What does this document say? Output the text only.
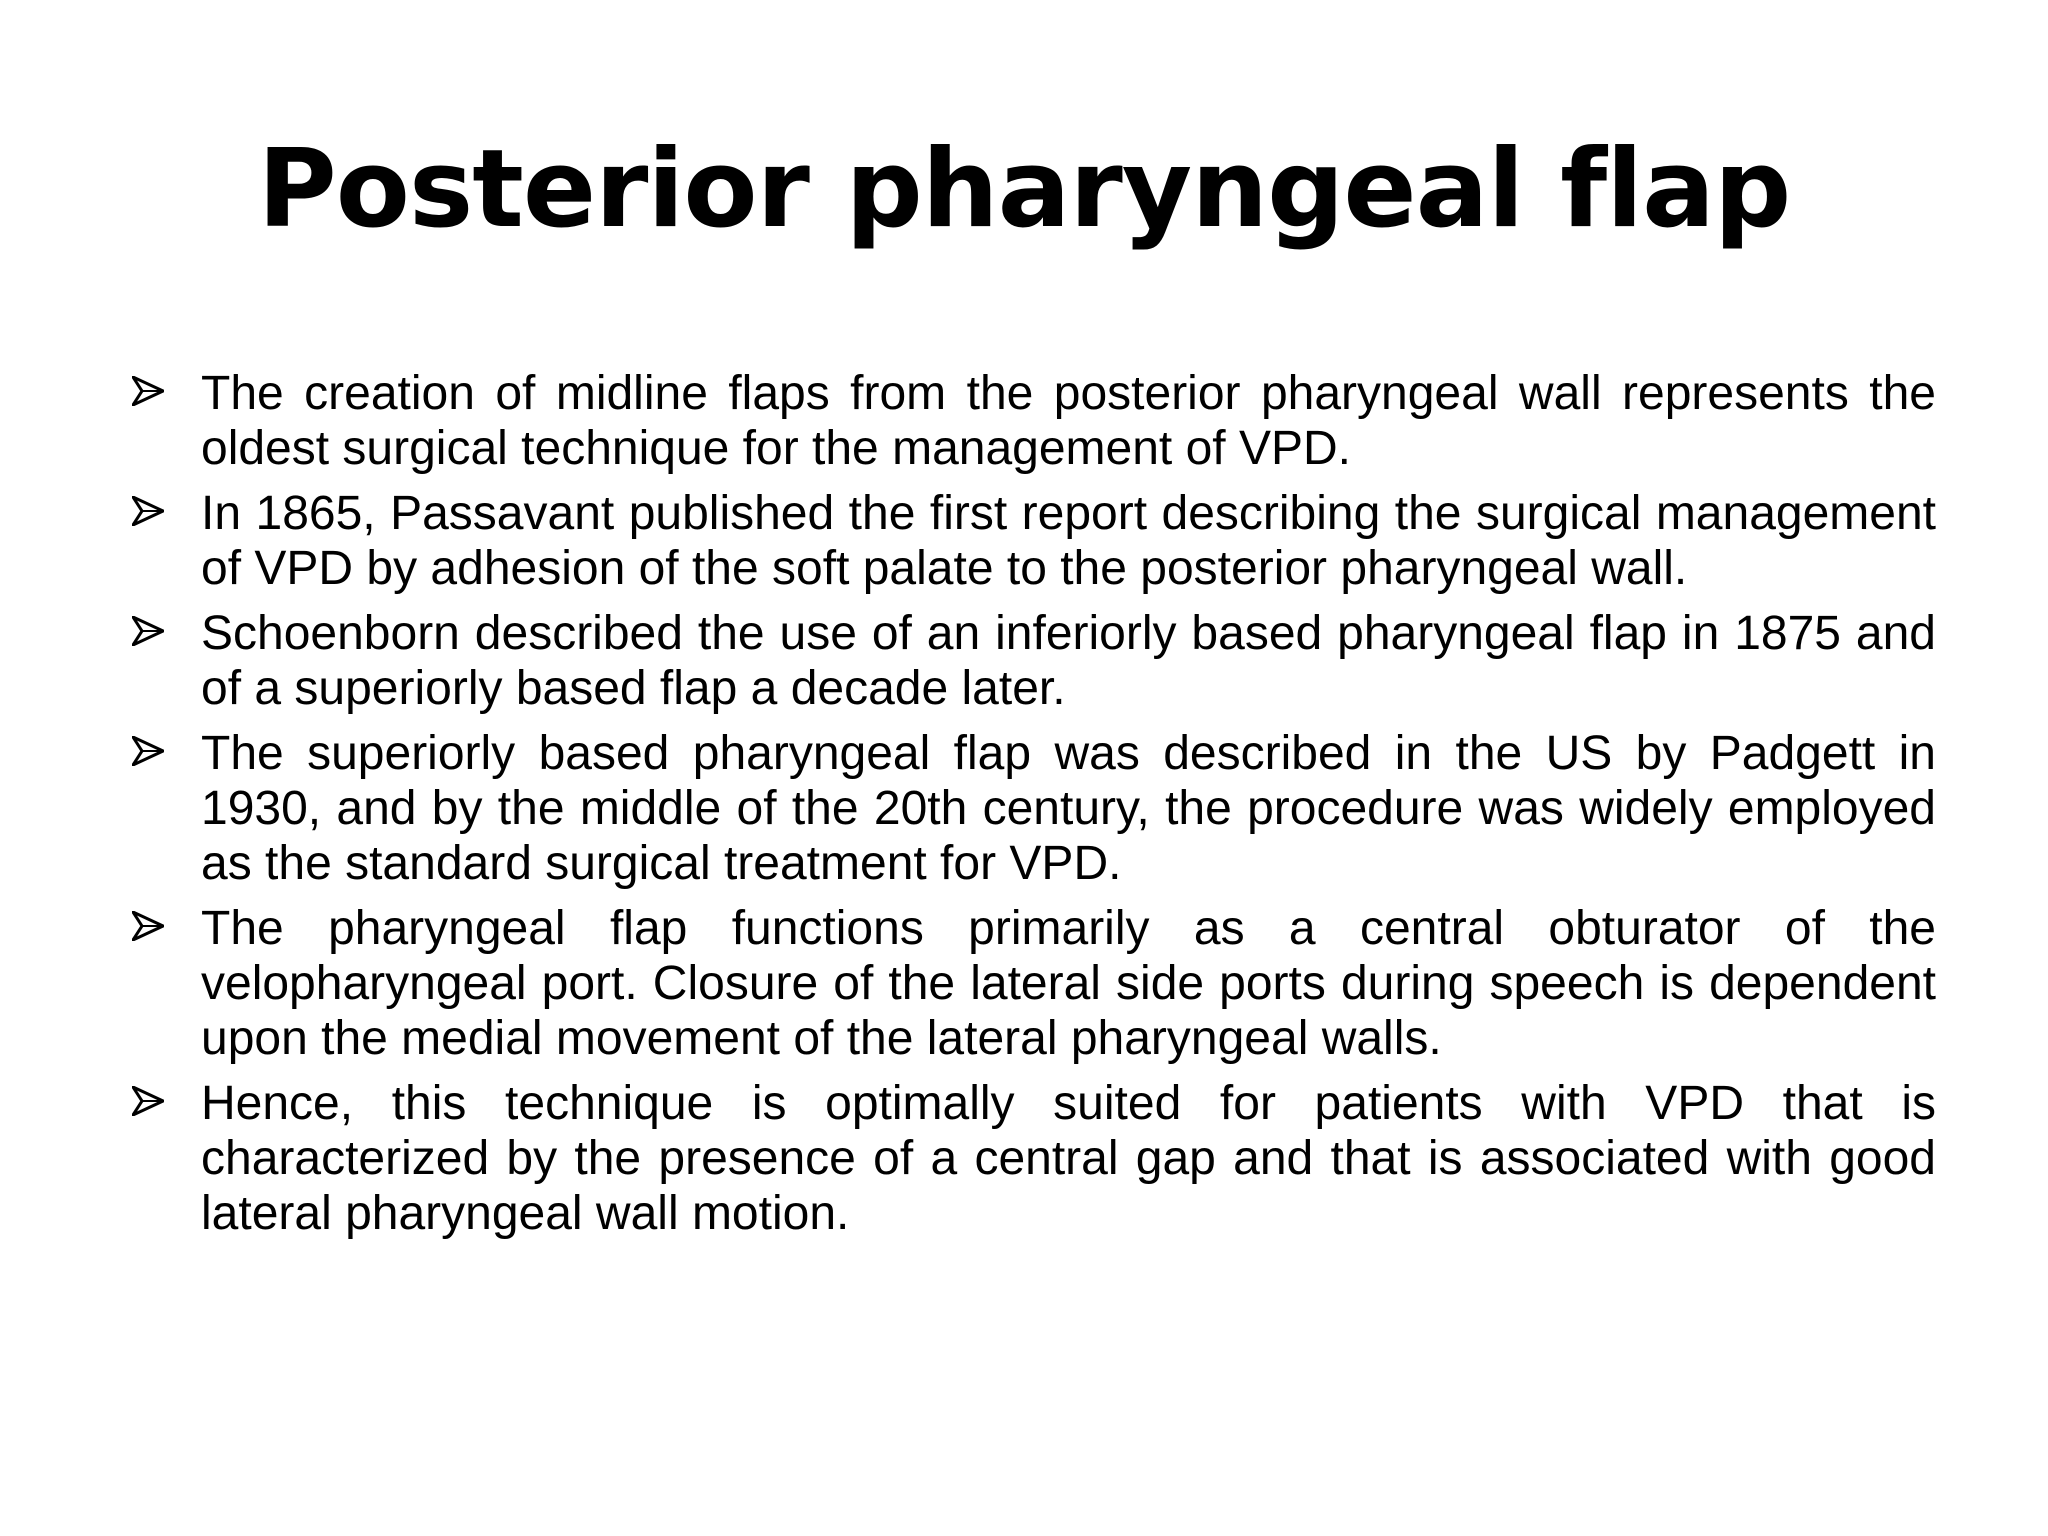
Posterior pharyngeal flap
The creation of midline flaps from the posterior pharyngeal wall represents the oldest surgical technique for the management of VPD.
In 1865, Passavant published the first report describing the surgical management of VPD by adhesion of the soft palate to the posterior pharyngeal wall.
Schoenborn described the use of an inferiorly based pharyngeal flap in 1875 and of a superiorly based flap a decade later.
The superiorly based pharyngeal flap was described in the US by Padgett in 1930, and by the middle of the 20th century, the procedure was widely employed as the standard surgical treatment for VPD.
The pharyngeal flap functions primarily as a central obturator of the velopharyngeal port. Closure of the lateral side ports during speech is dependent upon the medial movement of the lateral pharyngeal walls.
Hence, this technique is optimally suited for patients with VPD that is characterized by the presence of a central gap and that is associated with good lateral pharyngeal wall motion.
